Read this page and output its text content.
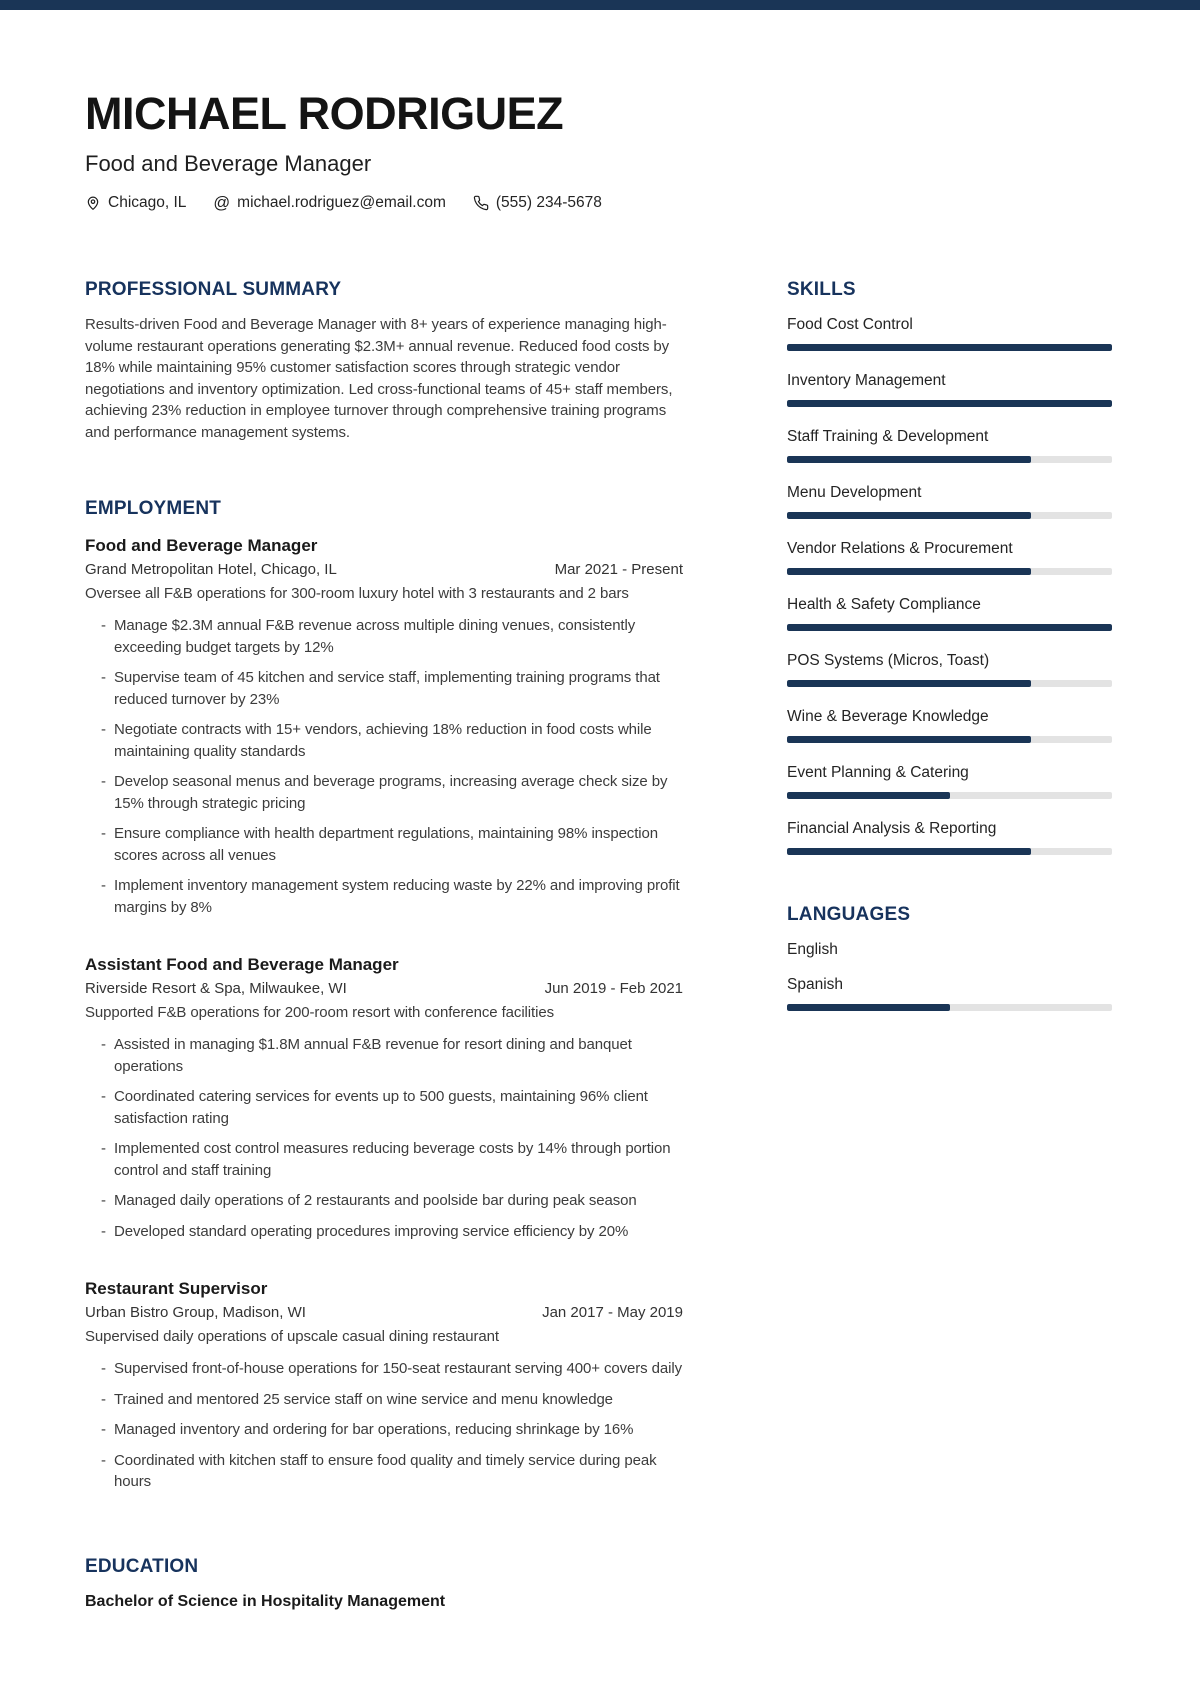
MICHAEL RODRIGUEZ
Food and Beverage Manager
Chicago, IL @ michael.rodriguez@email.com	(555) 234-5678
PROFESSIONAL SUMMARY

Results-driven Food and Beverage Manager with 8+ years of experience managing high-volume restaurant operations generating $2.3M+ annual revenue. Reduced food costs by 18% while maintaining 95% customer satisfaction scores through strategic vendor negotiations and inventory optimization. Led cross-functional teams of 45+ staff members, achieving 23% reduction in employee turnover through comprehensive training programs and performance management systems.

EMPLOYMENT
Food and Beverage Manager
Grand Metropolitan Hotel, Chicago, IL	Mar 2021 - Present
Oversee all F&B operations for 300-room luxury hotel with 3 restaurants and 2 bars
- Manage $2.3M annual F&B revenue across multiple dining venues, consistently exceeding budget targets by 12%
- Supervise team of 45 kitchen and service staff, implementing training programs that reduced turnover by 23%
- Negotiate contracts with 15+ vendors, achieving 18% reduction in food costs while maintaining quality standards
- Develop seasonal menus and beverage programs, increasing average check size by 15% through strategic pricing
- Ensure compliance with health department regulations, maintaining 98% inspection scores across all venues
- Implement inventory management system reducing waste by 22% and improving profit margins by 8%
Assistant Food and Beverage Manager
Riverside Resort & Spa, Milwaukee, WI	Jun 2019 - Feb 2021
Supported F&B operations for 200-room resort with conference facilities
- Assisted in managing $1.8M annual F&B revenue for resort dining and banquet operations
- Coordinated catering services for events up to 500 guests, maintaining 96% client satisfaction rating
- Implemented cost control measures reducing beverage costs by 14% through portion control and staff training
- Managed daily operations of 2 restaurants and poolside bar during peak season
- Developed standard operating procedures improving service efficiency by 20%
Restaurant Supervisor
Urban Bistro Group, Madison, WI	Jan 2017 - May 2019
Supervised daily operations of upscale casual dining restaurant
- Supervised front-of-house operations for 150-seat restaurant serving 400+ covers daily
- Trained and mentored 25 service staff on wine service and menu knowledge
- Managed inventory and ordering for bar operations, reducing shrinkage by 16%
- Coordinated with kitchen staff to ensure food quality and timely service during peak hours
EDUCATION
Bachelor of Science in Hospitality Management
SKILLS
Food Cost Control
Inventory Management
Staff Training & Development
Menu Development
Vendor Relations & Procurement
Health & Safety Compliance
POS Systems (Micros, Toast)
Wine & Beverage Knowledge
Event Planning & Catering
Financial Analysis & Reporting
LANGUAGES
English
Spanish
